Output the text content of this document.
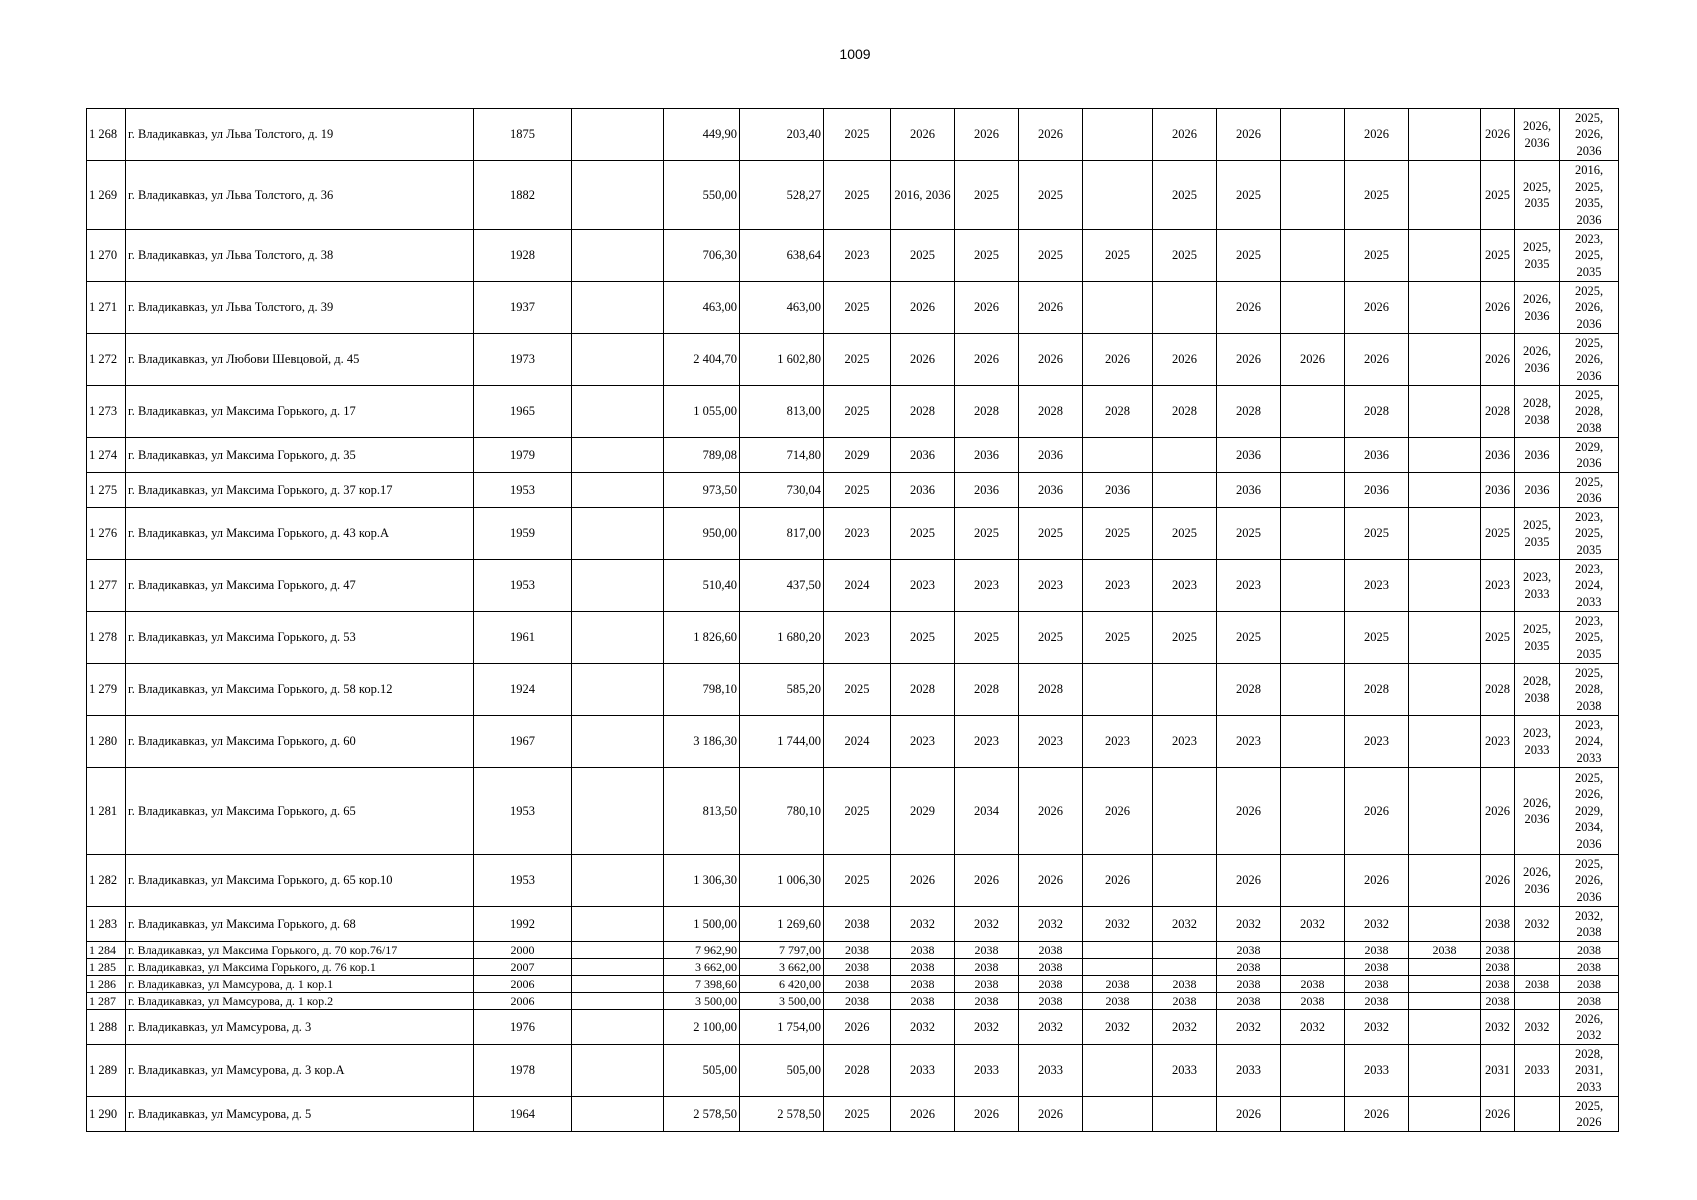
1009
1 268	г. Владикавказ, ул Льва Толстого, д. 19	1875		449,90	203,40	2025	2026	2026	2026		2026	2026		2026		2026	2026, 2036	2025, 2026, 2036
1 269	г. Владикавказ, ул Льва Толстого, д. 36	1882		550,00	528,27	2025	2016, 2036	2025	2025		2025	2025		2025		2025	2025, 2035	2016, 2025, 2035, 2036
1 270	г. Владикавказ, ул Льва Толстого, д. 38	1928		706,30	638,64	2023	2025	2025	2025	2025	2025	2025		2025		2025	2025, 2035	2023, 2025, 2035
1 271	г. Владикавказ, ул Льва Толстого, д. 39	1937		463,00	463,00	2025	2026	2026	2026			2026		2026		2026	2026, 2036	2025, 2026, 2036
1 272	г. Владикавказ, ул Любови Шевцовой, д. 45	1973		2 404,70	1 602,80	2025	2026	2026	2026	2026	2026	2026	2026	2026		2026	2026, 2036	2025, 2026, 2036
1 273	г. Владикавказ, ул Максима Горького, д. 17	1965		1 055,00	813,00	2025	2028	2028	2028	2028	2028	2028		2028		2028	2028, 2038	2025, 2028, 2038
1 274	г. Владикавказ, ул Максима Горького, д. 35	1979		789,08	714,80	2029	2036	2036	2036			2036		2036		2036	2036	2029, 2036
1 275	г. Владикавказ, ул Максима Горького, д. 37 кор.17	1953		973,50	730,04	2025	2036	2036	2036	2036		2036		2036		2036	2036	2025, 2036
1 276	г. Владикавказ, ул Максима Горького, д. 43 кор.А	1959		950,00	817,00	2023	2025	2025	2025	2025	2025	2025		2025		2025	2025, 2035	2023, 2025, 2035
1 277	г. Владикавказ, ул Максима Горького, д. 47	1953		510,40	437,50	2024	2023	2023	2023	2023	2023	2023		2023		2023	2023, 2033	2023, 2024, 2033
1 278	г. Владикавказ, ул Максима Горького, д. 53	1961		1 826,60	1 680,20	2023	2025	2025	2025	2025	2025	2025		2025		2025	2025, 2035	2023, 2025, 2035
1 279	г. Владикавказ, ул Максима Горького, д. 58 кор.12	1924		798,10	585,20	2025	2028	2028	2028			2028		2028		2028	2028, 2038	2025, 2028, 2038
1 280	г. Владикавказ, ул Максима Горького, д. 60	1967		3 186,30	1 744,00	2024	2023	2023	2023	2023	2023	2023		2023		2023	2023, 2033	2023, 2024, 2033
1 281	г. Владикавказ, ул Максима Горького, д. 65	1953		813,50	780,10	2025	2029	2034	2026	2026		2026		2026		2026	2026, 2036	2025, 2026, 2029, 2034, 2036
1 282	г. Владикавказ, ул Максима Горького, д. 65 кор.10	1953		1 306,30	1 006,30	2025	2026	2026	2026	2026		2026		2026		2026	2026, 2036	2025, 2026, 2036
1 283	г. Владикавказ, ул Максима Горького, д. 68	1992		1 500,00	1 269,60	2038	2032	2032	2032	2032	2032	2032	2032	2032		2038	2032	2032, 2038
1 284	г. Владикавказ, ул Максима Горького, д. 70 кор.76/17	2000		7 962,90	7 797,00	2038	2038	2038	2038			2038		2038	2038	2038		2038
1 285	г. Владикавказ, ул Максима Горького, д. 76 кор.1	2007		3 662,00	3 662,00	2038	2038	2038	2038			2038		2038		2038		2038
1 286	г. Владикавказ, ул Мамсурова, д. 1 кор.1	2006		7 398,60	6 420,00	2038	2038	2038	2038	2038	2038	2038	2038	2038		2038	2038	2038
1 287	г. Владикавказ, ул Мамсурова, д. 1 кор.2	2006		3 500,00	3 500,00	2038	2038	2038	2038	2038	2038	2038	2038	2038		2038		2038
1 288	г. Владикавказ, ул Мамсурова, д. 3	1976		2 100,00	1 754,00	2026	2032	2032	2032	2032	2032	2032	2032	2032		2032	2032	2026, 2032
1 289	г. Владикавказ, ул Мамсурова, д. 3 кор.А	1978		505,00	505,00	2028	2033	2033	2033		2033	2033		2033		2031	2033	2028, 2031, 2033
1 290	г. Владикавказ, ул Мамсурова, д. 5	1964		2 578,50	2 578,50	2025	2026	2026	2026			2026		2026		2026		2025, 2026
